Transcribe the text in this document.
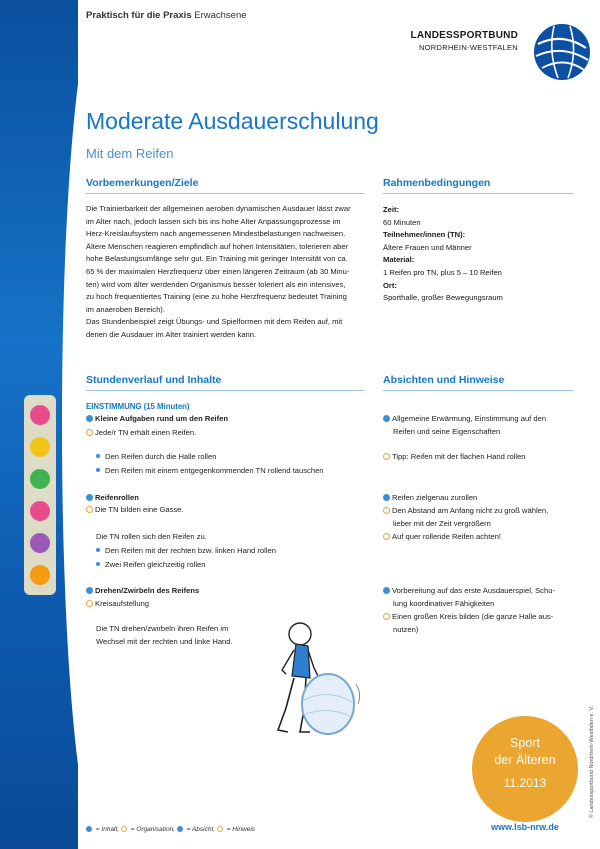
Praktisch für die Praxis Erwachsene
LANDESSPORTBUND
NORDRHEIN-WESTFALEN
Moderate Ausdauerschulung
Mit dem Reifen
Vorbemerkungen/Ziele	Rahmenbedingungen
Die Trainierbarkeit der allgemeinen aeroben dynamischen Ausdauer lässt zwar
im Alter nach, jedoch lassen sich bis ins hohe Alter Anpassungsprozesse im
Herz-Kreislaufsystem nach angemessenen Mindestbelastungen nachweisen.
Ältere Menschen reagieren empfindlich auf hohen Intensitäten, tolerieren aber
hohe Belastungsumfänge sehr gut. Ein Training mit geringer Intensität von ca.
65 % der maximalen Herzfrequenz über einen längeren Zeitraum (ab 30 Minu-
ten) wird vom älter werdenden Organismus besser toleriert als ein intensives,
zu hoch frequentiertes Training (eine zu hohe Herzfrequenz bedeutet Training
im anaeroben Bereich).
Das Stundenbeispiel zeigt Übungs- und Spielformen mit dem Reifen auf, mit
denen die Ausdauer im Alter trainiert werden kann.
Zeit:
60 Minuten
Teilnehmer/innen (TN):
Ältere Frauen und Männer
Material:
1 Reifen pro TN, plus 5 – 10 Reifen
Ort:
Sporthalle, großer Bewegungsraum
Stundenverlauf und Inhalte	Absichten und Hinweise
EINSTIMMUNG (15 Minuten)
Kleine Aufgaben rund um den Reifen
Jede/r TN erhält einen Reifen.
Den Reifen durch die Halle rollen
Den Reifen mit einem entgegenkommenden TN rollend tauschen
Reifenrollen
Die TN bilden eine Gasse.
Die TN rollen sich den Reifen zu.
Den Reifen mit der rechten bzw. linken Hand rollen
Zwei Reifen gleichzeitig rollen
Drehen/Zwirbeln des Reifens
Kreisaufstellung
Die TN drehen/zwirbeln ihren Reifen im
Wechsel mit der rechten und linke Hand.
Allgemeine Erwärmung, Einstimmung auf den
Reifen und seine Eigenschaften
Tipp: Reifen mit der flachen Hand rollen
Reifen zielgenau zurollen
Den Abstand am Anfang nicht zu groß wählen,
lieber mit der Zeit vergrößern
Auf quer rollende Reifen achten!
Vorbereitung auf das erste Ausdauerspiel, Schu-
lung koordinativer Fähigkeiten
Einen großen Kreis bilden (die ganze Halle aus-
nutzen)
Sport
der Älteren
11.2013	© Landessportbund Nordrhein-Westfalen e. V.
= Inhalt,  = Organisation,  = Absicht,  = Hinweis	www.lsb-nrw.de
